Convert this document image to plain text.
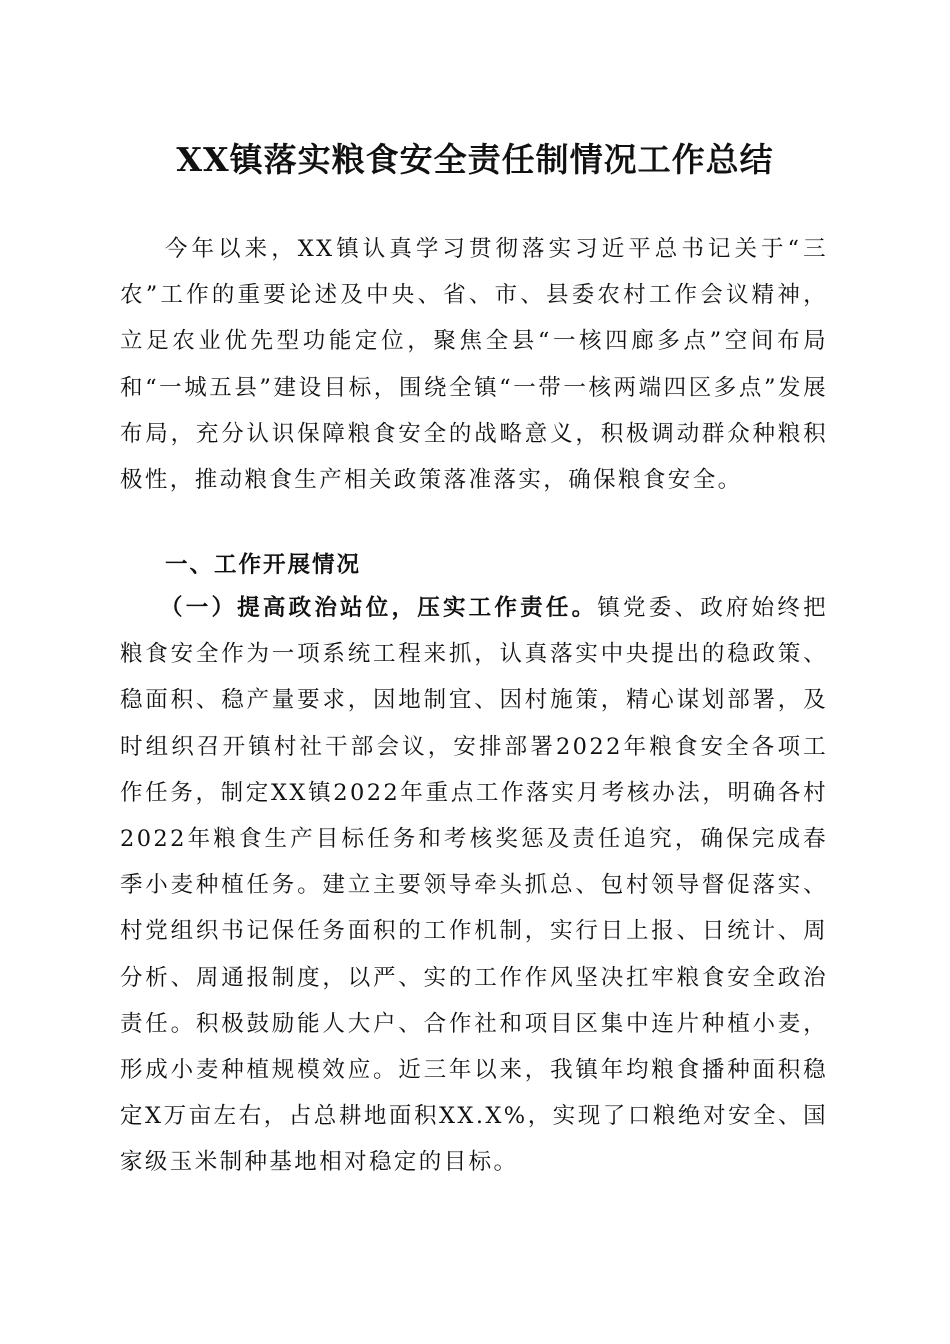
XX镇落实粮食安全责任制情况工作总结

今年以来，XX镇认真学习贯彻落实习近平总书记关于“三农”工作的重要论述及中央、省、市、县委农村工作会议精神，立足农业优先型功能定位，聚焦全县“一核四廊多点”空间布局和“一城五县”建设目标，围绕全镇“一带一核两端四区多点”发展布局，充分认识保障粮食安全的战略意义，积极调动群众种粮积极性，推动粮食生产相关政策落准落实，确保粮食安全。

一、工作开展情况

（一）提高政治站位，压实工作责任。镇党委、政府始终把粮食安全作为一项系统工程来抓，认真落实中央提出的稳政策、稳面积、稳产量要求，因地制宜、因村施策，精心谋划部署，及时组织召开镇村社干部会议，安排部署2022年粮食安全各项工作任务，制定XX镇2022年重点工作落实月考核办法，明确各村2022年粮食生产目标任务和考核奖惩及责任追究，确保完成春季小麦种植任务。建立主要领导牵头抓总、包村领导督促落实、村党组织书记保任务面积的工作机制，实行日上报、日统计、周分析、周通报制度，以严、实的工作作风坚决扛牢粮食安全政治责任。积极鼓励能人大户、合作社和项目区集中连片种植小麦，形成小麦种植规模效应。近三年以来，我镇年均粮食播种面积稳定X万亩左右，占总耕地面积XX.X%，实现了口粮绝对安全、国家级玉米制种基地相对稳定的目标。
